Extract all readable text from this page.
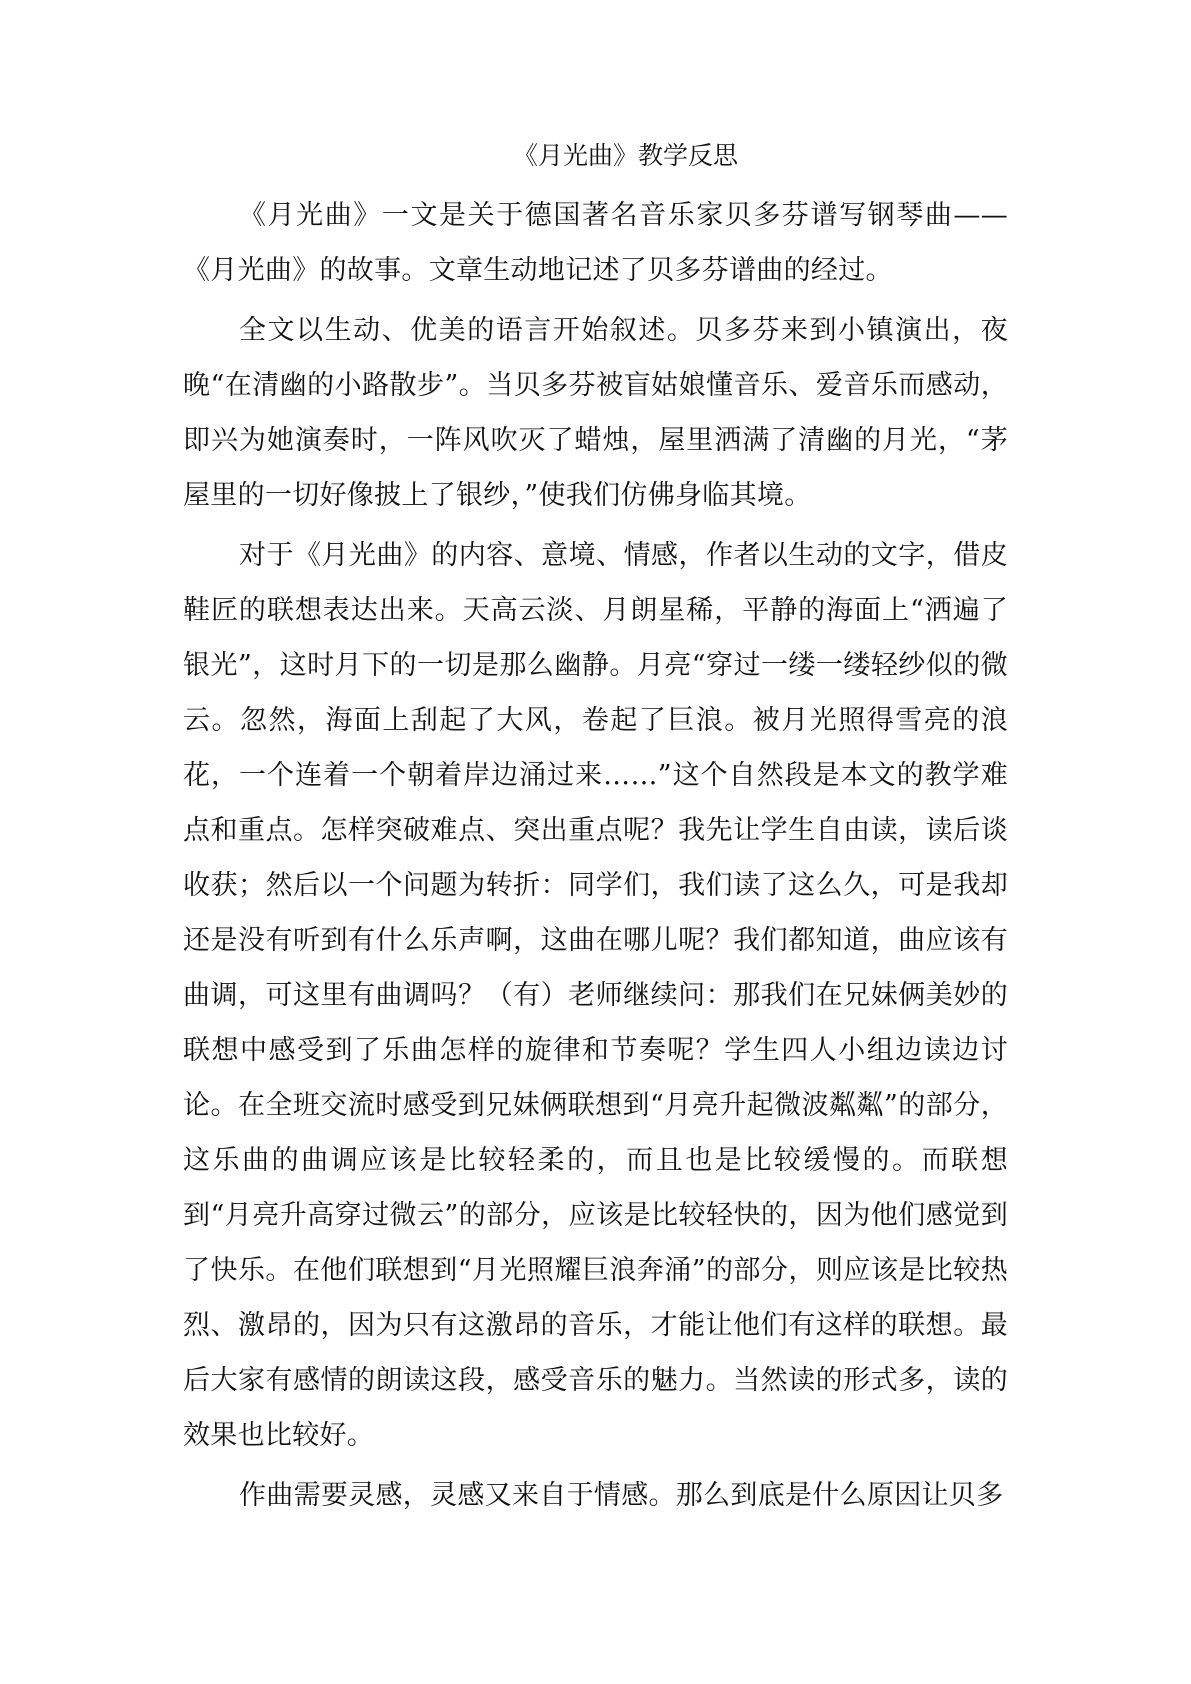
《月光曲》教学反思

《月光曲》一文是关于德国著名音乐家贝多芬谱写钢琴曲——《月光曲》的故事。文章生动地记述了贝多芬谱曲的经过。

全文以生动、优美的语言开始叙述。贝多芬来到小镇演出，夜晚“在清幽的小路散步”。当贝多芬被盲姑娘懂音乐、爱音乐而感动，即兴为她演奏时，一阵风吹灭了蜡烛，屋里洒满了清幽的月光，“茅屋里的一切好像披上了银纱，”使我们仿佛身临其境。

对于《月光曲》的内容、意境、情感，作者以生动的文字，借皮鞋匠的联想表达出来。天高云淡、月朗星稀，平静的海面上“洒遍了银光”，这时月下的一切是那么幽静。月亮“穿过一缕一缕轻纱似的微云。忽然，海面上刮起了大风，卷起了巨浪。被月光照得雪亮的浪花，一个连着一个朝着岸边涌过来……”这个自然段是本文的教学难点和重点。怎样突破难点、突出重点呢？我先让学生自由读，读后谈收获；然后以一个问题为转折：同学们，我们读了这么久，可是我却还是没有听到有什么乐声啊，这曲在哪儿呢？我们都知道，曲应该有曲调，可这里有曲调吗？（有）老师继续问：那我们在兄妹俩美妙的联想中感受到了乐曲怎样的旋律和节奏呢？学生四人小组边读边讨论。在全班交流时感受到兄妹俩联想到“月亮升起微波粼粼”的部分，这乐曲的曲调应该是比较轻柔的，而且也是比较缓慢的。而联想到“月亮升高穿过微云”的部分，应该是比较轻快的，因为他们感觉到了快乐。在他们联想到“月光照耀巨浪奔涌”的部分，则应该是比较热烈、激昂的，因为只有这激昂的音乐，才能让他们有这样的联想。最后大家有感情的朗读这段，感受音乐的魅力。当然读的形式多，读的效果也比较好。

作曲需要灵感，灵感又来自于情感。那么到底是什么原因让贝多
